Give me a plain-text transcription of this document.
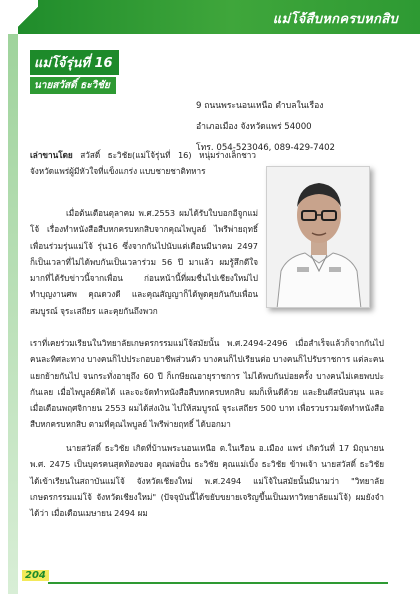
แม่โจ้สืบหกครบหกสิบ
แม่โจ้รุ่นที่ 16
นายสวัสดิ์ ธะวิชัย
9 ถนนพระนอนเหนือ ตำบลในเรือง
อำเภอเมือง จังหวัดแพร่ 54000
โทร. 054-523046, 089-429-7402
เล่าขานโดย สวัสดิ์ ธะวิชัย(แม่โจ้รุ่นที่ 16) หนุ่มร่างเล็กชาวจังหวัดแพร่ผู้มีหัวใจที่แข็งแกร่ง แบบชายชาติทหาร
เมื่อต้นเดือนตุลาคม พ.ศ.2553 ผมได้รับใบบอกอีจูกแม่โจ้ เรื่องทำหนังสือสืบหกครบหกสิบจากคุณไพบูลย์ ไพรีพ่ายฤทธิ์ เพื่อนร่วมรุ่นแม่โจ้ รุ่น16 ซึ่งจากกันไปนับแต่เดือนมีนาคม 2497 ก็เป็นเวลาที่ไม่ได้พบกันเป็นเวลาร่วม 56 ปี มาแล้ว ผมรู้สึกดีใจมากที่ได้รับข่าวนี้จากเพื่อน ก่อนหน้านี้ที่ผมชื่นไปเชียงใหม่ไปทำบุญงานศพ คุณดวงดี และคุณสัญญาก็ได้พูดคุยกันกับเพื่อนสมบูรณ์ จุระเสถียร และคุยกันถึงพวก
เราที่เคยร่วมเรียนในวิทยาลัยเกษตรกรรมแม่โจ้สมัยนั้น พ.ศ.2494-2496 เมื่อสำเร็จแล้วก็จากกันไปคนละทิศละทาง บางคนก็ไปประกอบอาชีพส่วนตัว บางคนก็ไปเรียนต่อ บางคนก็ไปรับราชการ แต่ละคนแยกย้ายกันไป จนกระทั่งอายุถึง 60 ปี ก็เกษียณอายุราชการ ไม่ได้พบกันบ่อยครั้ง บางคนไม่เคยพบปะกันเลย เมื่อไพบูลย์คิดได้ และจะจัดทำหนังสือสืบหกครบหกสิบ ผมก็เห็นดีด้วย และยินดีสนับสนุน และเมื่อเดือนพฤศจิกายน 2553 ผมได้ส่งเงิน ไปให้สมบูรณ์ จุระเสถียร 500 บาท เพื่อรวบรวมจัดทำหนังสือ สืบหกครบหกสิบ ตามที่คุณไพบูลย์ ไพรีพ่ายฤทธิ์ ได้บอกมา
นายสวัสดิ์ ธะวิชัย เกิดที่บ้านพระนอนเหนือ ต.ในเรือน อ.เมือง แพร่ เกิดวันที่ 17 มิถุนายน พ.ศ. 2475 เป็นบุตรคนสุดท้องของ คุณพ่อปั๋น ธะวิชัย คุณแม่เบิ้ง ธะวิชัย ข้าพเจ้า นายสวัสดิ์ ธะวิชัย ได้เข้าเรียนในสถาบันแม่โจ้ จังหวัดเชียงใหม่ พ.ศ.2494 แม่โจ้ในสมัยนั้นมีนามว่า "วิทยาลัยเกษตรกรรมแม่โจ้ จังหวัดเชียงใหม่" (ปัจจุบันนี้ได้ขยับขยายเจริญขึ้นเป็นมหาวิทยาลัยแม่โจ้) ผมยังจำได้ว่า เมื่อเดือนเมษายน 2494 ผม
204
